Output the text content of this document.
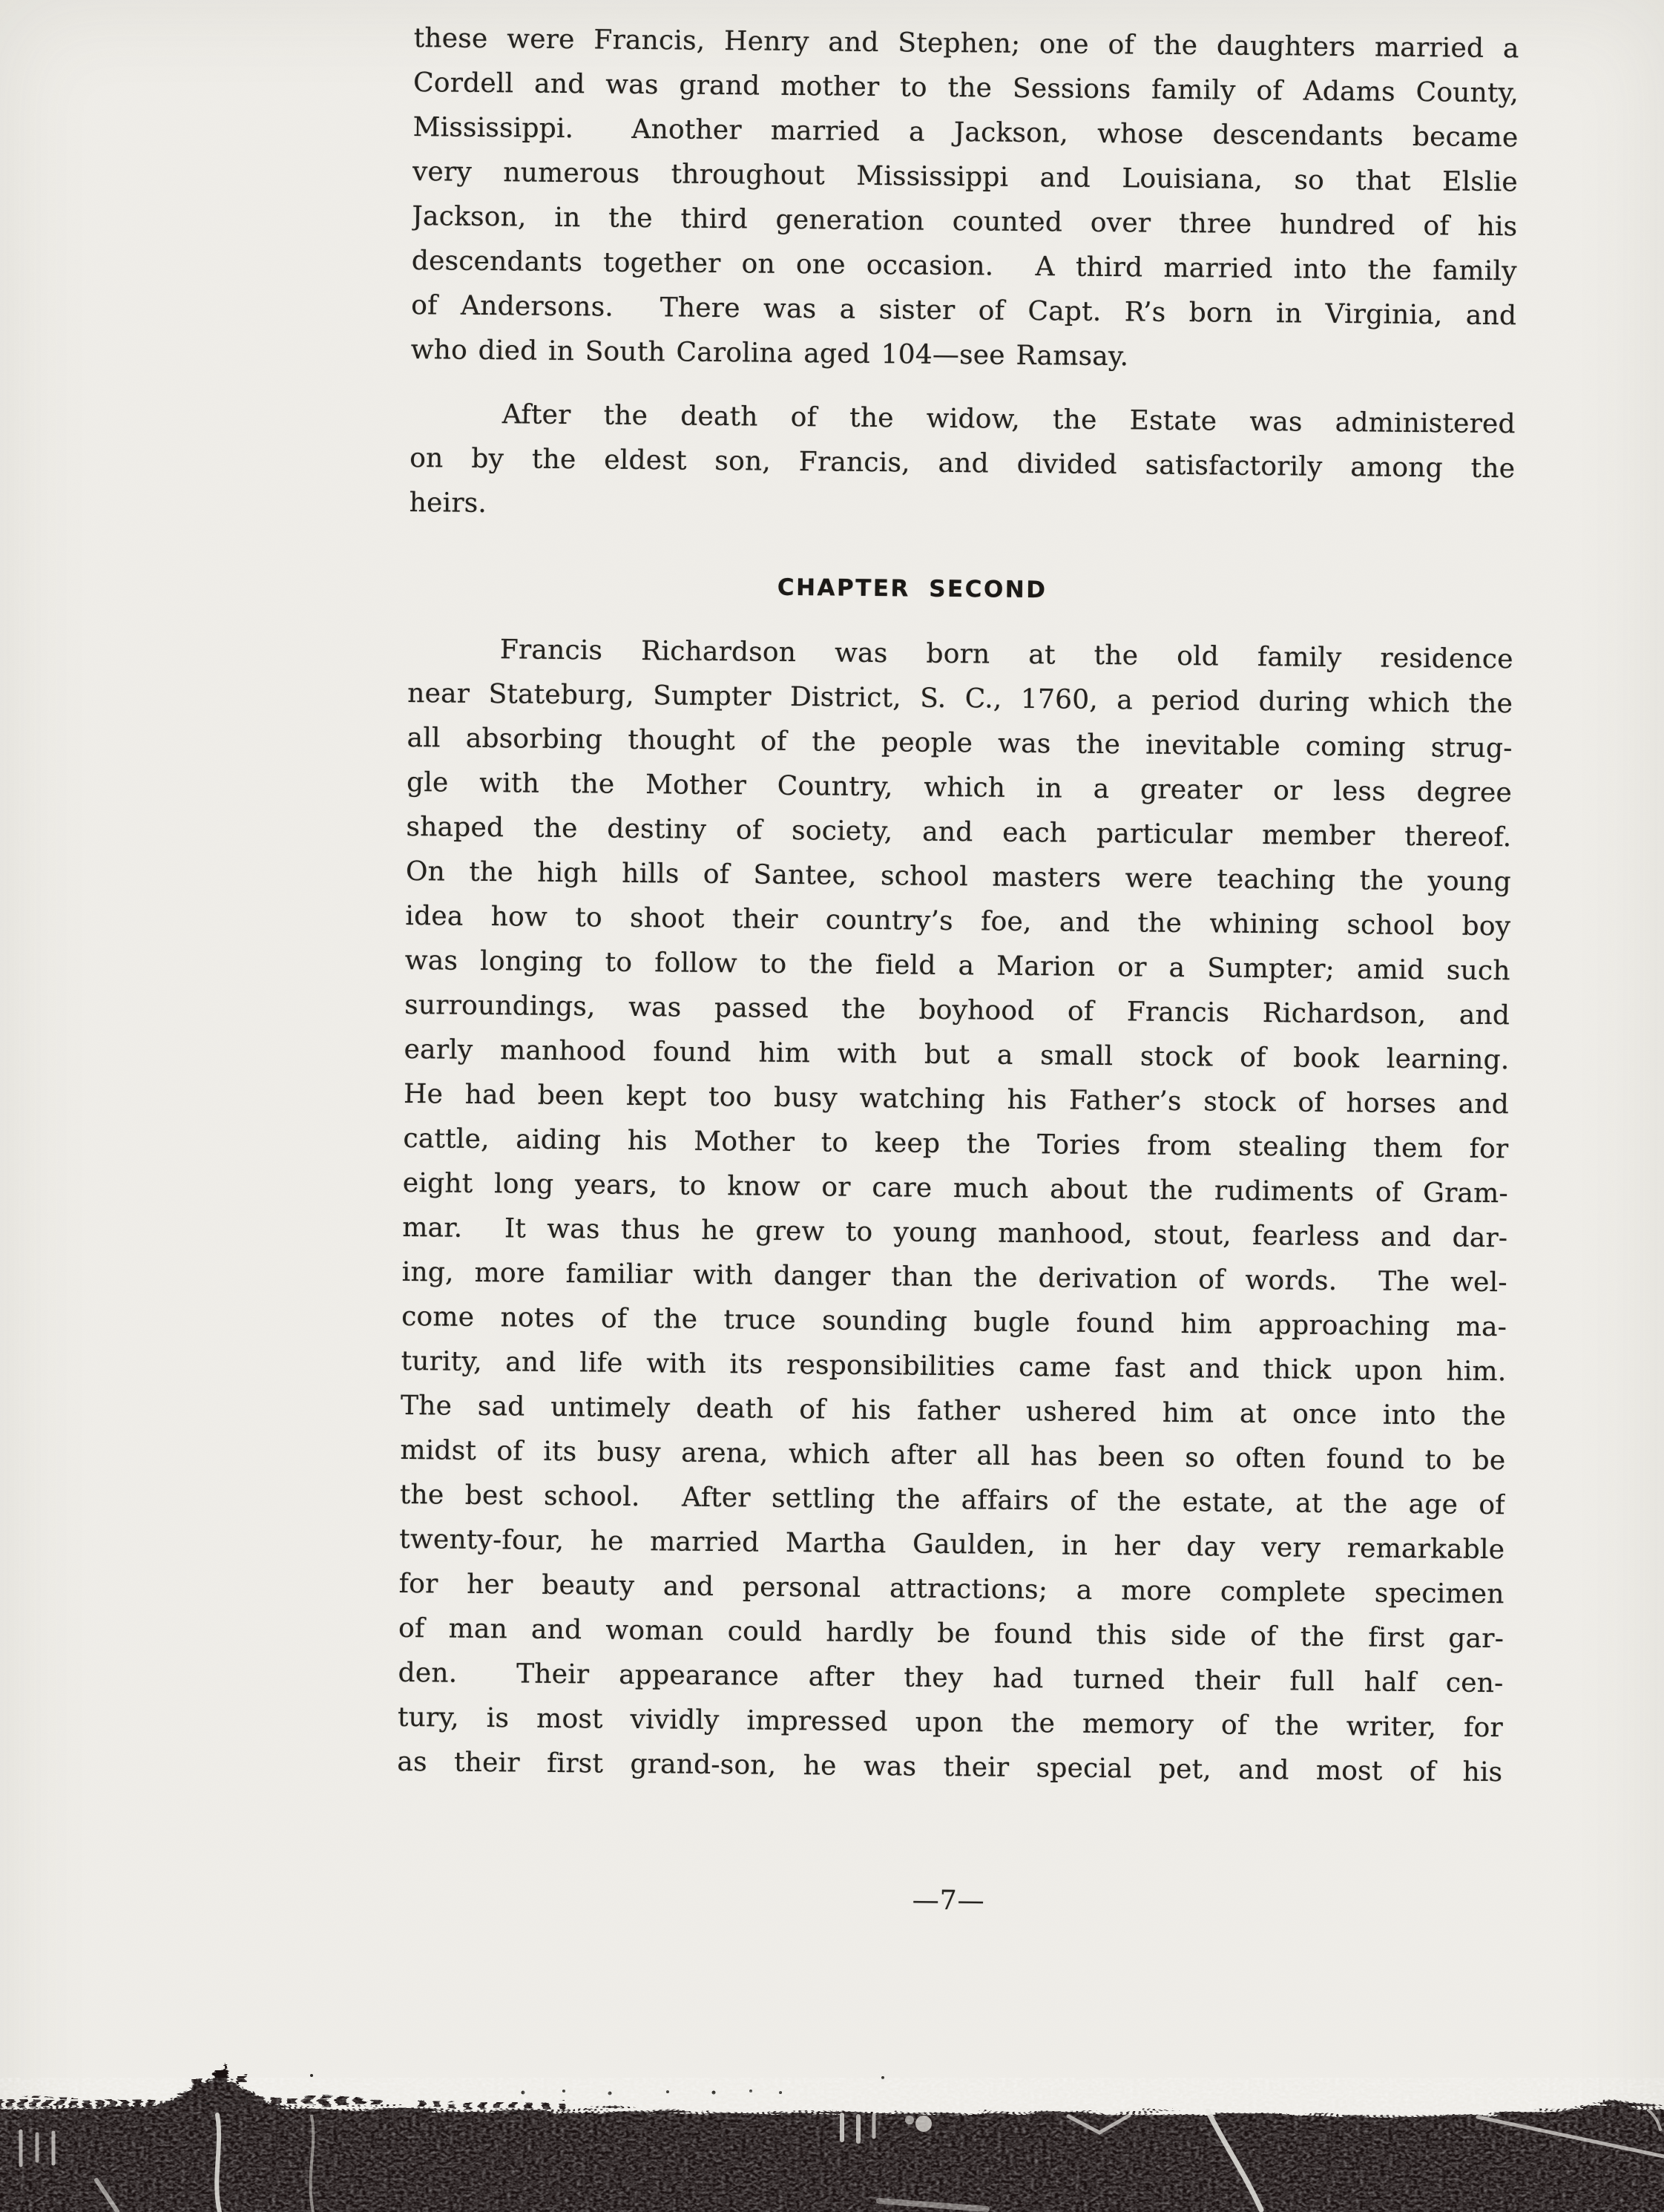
these were Francis, Henry and Stephen; one of the daughters married a
Cordell and was grand mother to the Sessions family of Adams County,
Mississippi.  Another married a Jackson, whose descendants became
very numerous throughout Mississippi and Louisiana, so that Elslie
Jackson, in the third generation counted over three hundred of his
descendants together on one occasion.  A third married into the family
of Andersons.  There was a sister of Capt. R’s born in Virginia, and
who died in South Carolina aged 104—see Ramsay.
After the death of the widow, the Estate was administered
on by the eldest son, Francis, and divided satisfactorily among the
heirs.
CHAPTER SECOND
Francis Richardson was born at the old family residence
near Stateburg, Sumpter District, S. C., 1760, a period during which the
all absorbing thought of the people was the inevitable coming strug-
gle with the Mother Country, which in a greater or less degree
shaped the destiny of society, and each particular member thereof.
On the high hills of Santee, school masters were teaching the young
idea how to shoot their country’s foe, and the whining school boy
was longing to follow to the field a Marion or a Sumpter; amid such
surroundings, was passed the boyhood of Francis Richardson, and
early manhood found him with but a small stock of book learning.
He had been kept too busy watching his Father’s stock of horses and
cattle, aiding his Mother to keep the Tories from stealing them for
eight long years, to know or care much about the rudiments of Gram-
mar.  It was thus he grew to young manhood, stout, fearless and dar-
ing, more familiar with danger than the derivation of words.  The wel-
come notes of the truce sounding bugle found him approaching ma-
turity, and life with its responsibilities came fast and thick upon him.
The sad untimely death of his father ushered him at once into the
midst of its busy arena, which after all has been so often found to be
the best school.  After settling the affairs of the estate, at the age of
twenty-four, he married Martha Gaulden, in her day very remarkable
for her beauty and personal attractions; a more complete specimen
of man and woman could hardly be found this side of the first gar-
den.  Their appearance after they had turned their full half cen-
tury, is most vividly impressed upon the memory of the writer, for
as their first grand-son, he was their special pet, and most of his
—7—
